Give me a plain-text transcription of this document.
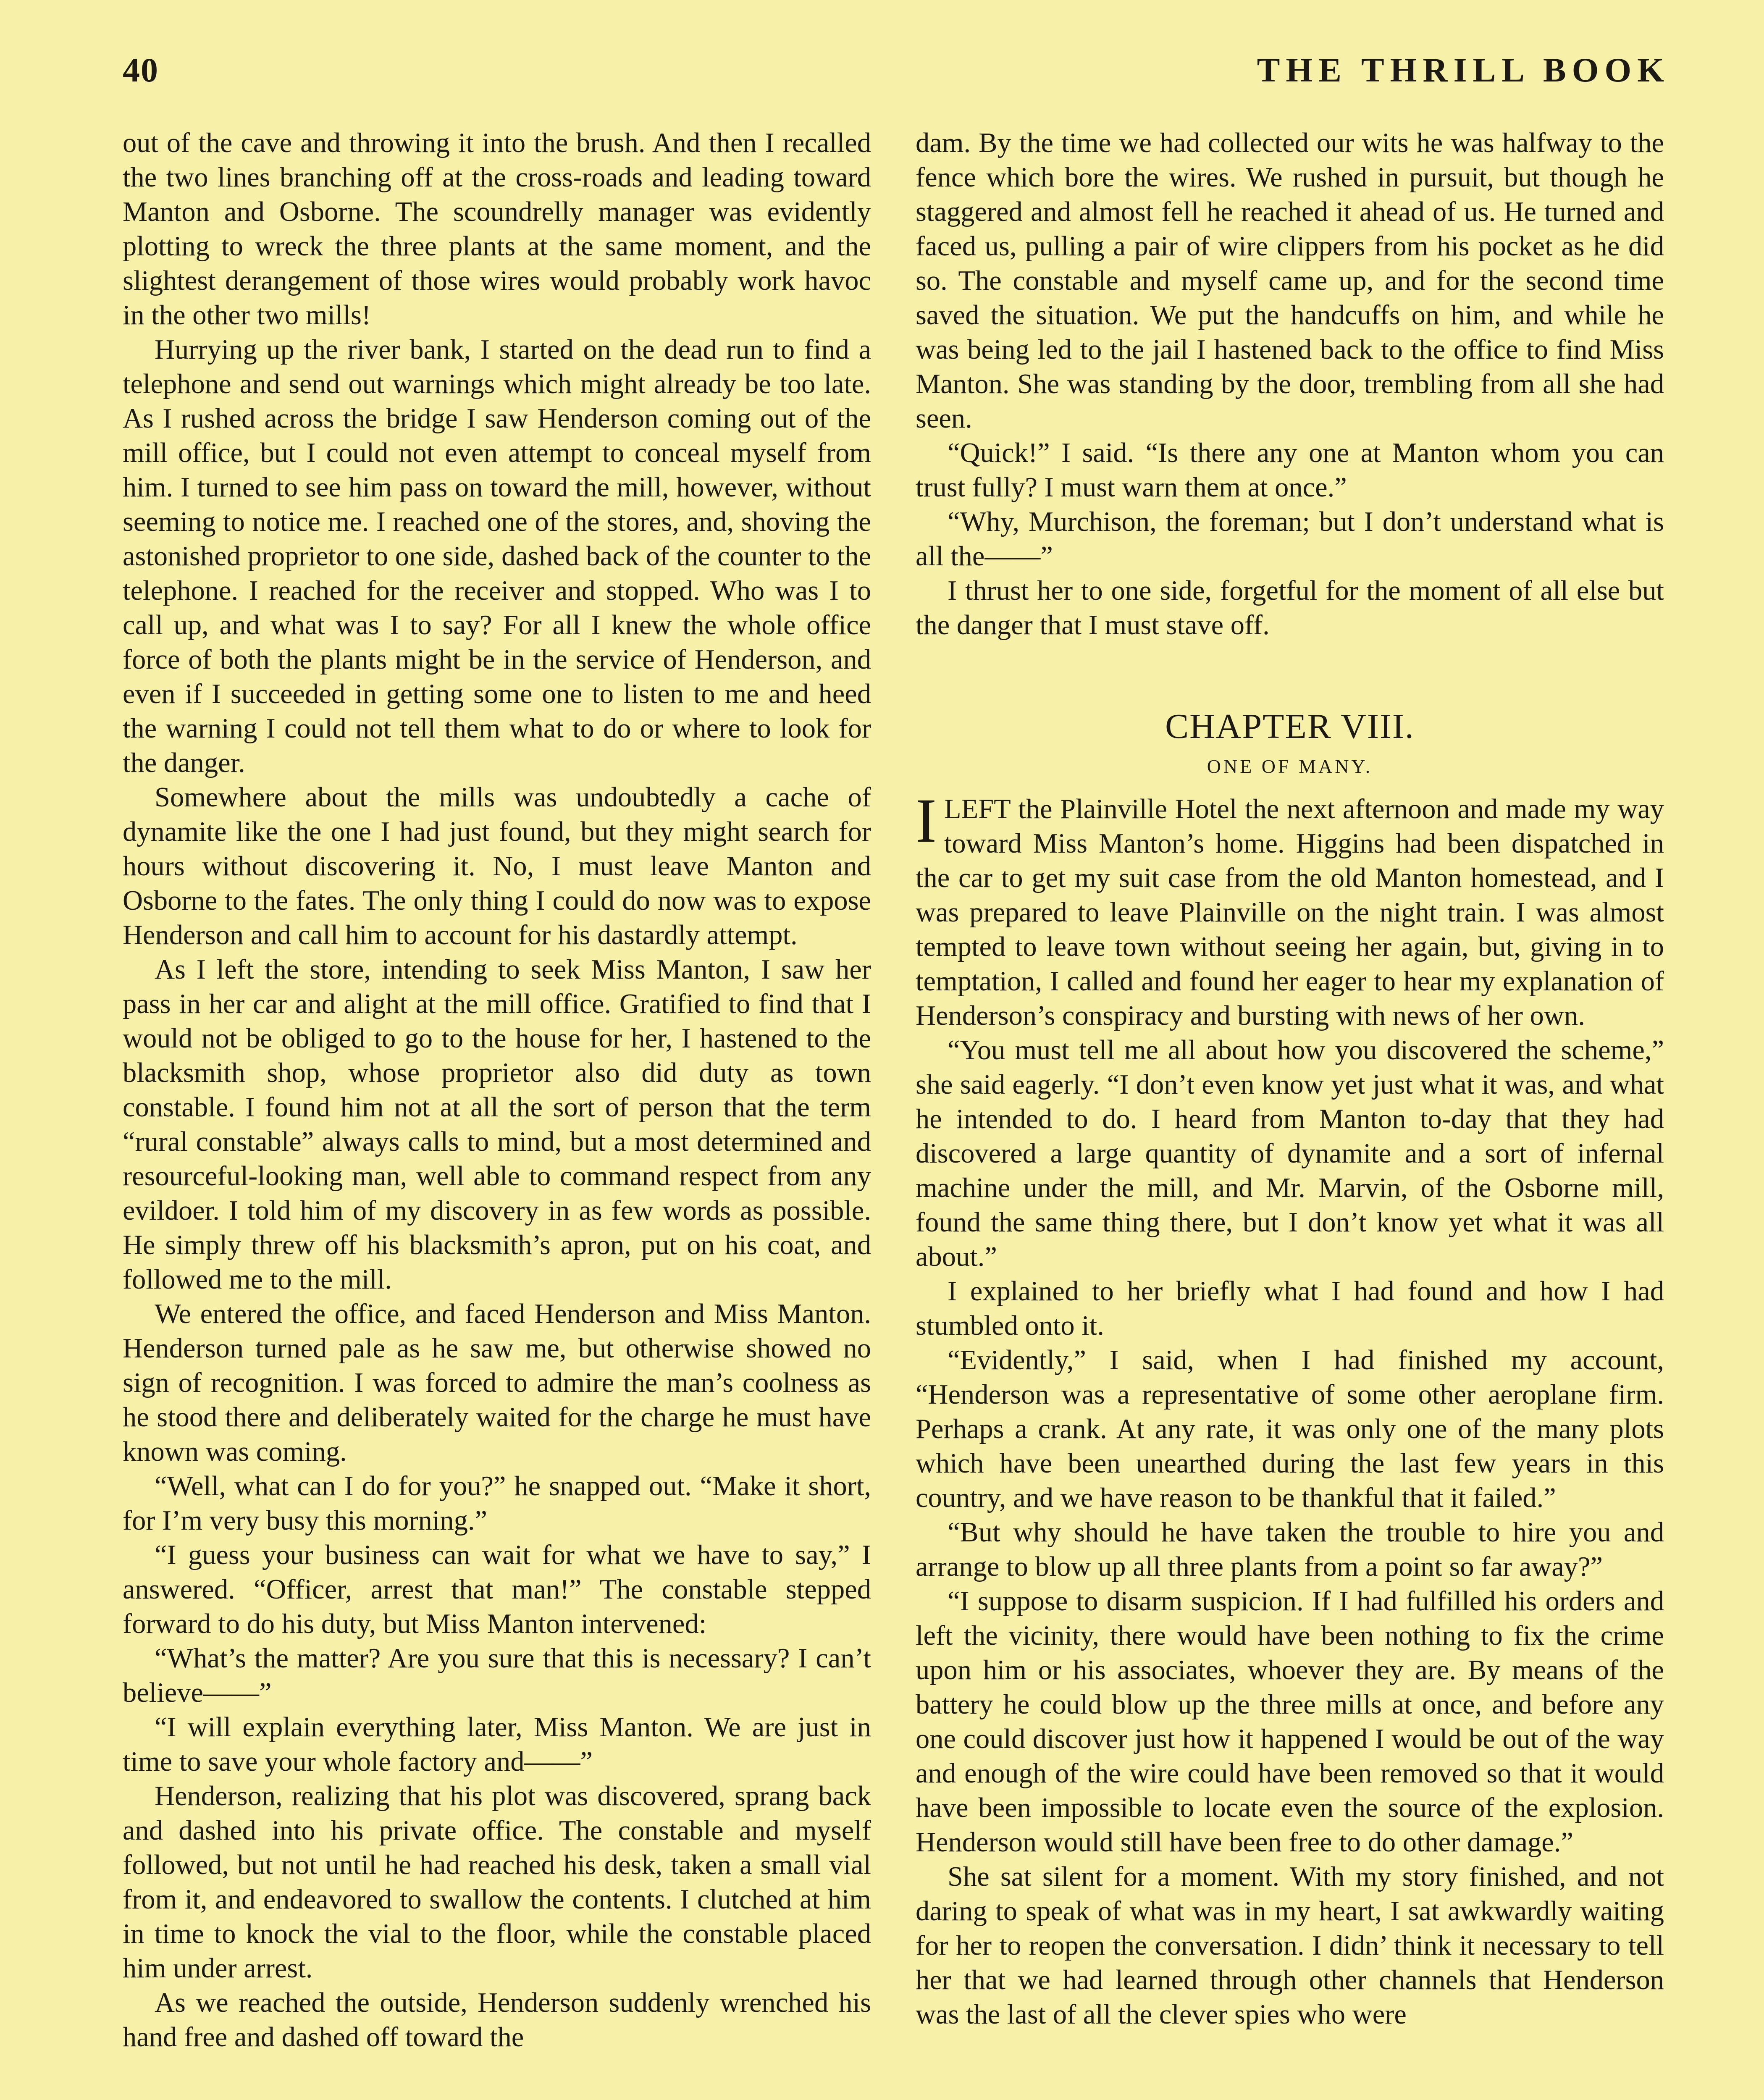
40	THE THRILL BOOK

out of the cave and throwing it into the brush. And then I recalled the two lines branching off at the cross-roads and leading toward Manton and Osborne. The scoundrelly manager was evidently plotting to wreck the three plants at the same moment, and the slightest derangement of those wires would probably work havoc in the other two mills!

Hurrying up the river bank, I started on the dead run to find a telephone and send out warnings which might already be too late. As I rushed across the bridge I saw Henderson coming out of the mill office, but I could not even attempt to conceal myself from him. I turned to see him pass on toward the mill, however, without seeming to notice me. I reached one of the stores, and, shoving the astonished proprietor to one side, dashed back of the counter to the telephone. I reached for the receiver and stopped. Who was I to call up, and what was I to say? For all I knew the whole office force of both the plants might be in the service of Henderson, and even if I succeeded in getting some one to listen to me and heed the warning I could not tell them what to do or where to look for the danger.

Somewhere about the mills was undoubtedly a cache of dynamite like the one I had just found, but they might search for hours without discovering it. No, I must leave Manton and Osborne to the fates. The only thing I could do now was to expose Henderson and call him to account for his dastardly attempt.

As I left the store, intending to seek Miss Manton, I saw her pass in her car and alight at the mill office. Gratified to find that I would not be obliged to go to the house for her, I hastened to the blacksmith shop, whose proprietor also did duty as town constable. I found him not at all the sort of person that the term “rural constable” always calls to mind, but a most determined and resourceful-looking man, well able to command respect from any evildoer. I told him of my discovery in as few words as possible. He simply threw off his blacksmith’s apron, put on his coat, and followed me to the mill.

We entered the office, and faced Henderson and Miss Manton. Henderson turned pale as he saw me, but otherwise showed no sign of recognition. I was forced to admire the man’s coolness as he stood there and deliberately waited for the charge he must have known was coming.

“Well, what can I do for you?” he snapped out. “Make it short, for I’m very busy this morning.”

“I guess your business can wait for what we have to say,” I answered. “Officer, arrest that man!” The constable stepped forward to do his duty, but Miss Manton intervened:

“What’s the matter? Are you sure that this is necessary? I can’t believe——”

“I will explain everything later, Miss Manton. We are just in time to save your whole factory and——”

Henderson, realizing that his plot was discovered, sprang back and dashed into his private office. The constable and myself followed, but not until he had reached his desk, taken a small vial from it, and endeavored to swallow the contents. I clutched at him in time to knock the vial to the floor, while the constable placed him under arrest.

As we reached the outside, Henderson suddenly wrenched his hand free and dashed off toward the

dam. By the time we had collected our wits he was halfway to the fence which bore the wires. We rushed in pursuit, but though he staggered and almost fell he reached it ahead of us. He turned and faced us, pulling a pair of wire clippers from his pocket as he did so. The constable and myself came up, and for the second time saved the situation. We put the handcuffs on him, and while he was being led to the jail I hastened back to the office to find Miss Manton. She was standing by the door, trembling from all she had seen.

“Quick!” I said. “Is there any one at Manton whom you can trust fully? I must warn them at once.”

“Why, Murchison, the foreman; but I don’t understand what is all the——”

I thrust her to one side, forgetful for the moment of all else but the danger that I must stave off.

CHAPTER VIII.
ONE OF MANY.

ILEFT the Plainville Hotel the next afternoon and made my way toward Miss Manton’s home. Higgins had been dispatched in the car to get my suit case from the old Manton homestead, and I was prepared to leave Plainville on the night train. I was almost tempted to leave town without seeing her again, but, giving in to temptation, I called and found her eager to hear my explanation of Henderson’s conspiracy and bursting with news of her own.

“You must tell me all about how you discovered the scheme,” she said eagerly. “I don’t even know yet just what it was, and what he intended to do. I heard from Manton to-day that they had discovered a large quantity of dynamite and a sort of infernal machine under the mill, and Mr. Marvin, of the Osborne mill, found the same thing there, but I don’t know yet what it was all about.”

I explained to her briefly what I had found and how I had stumbled onto it.

“Evidently,” I said, when I had finished my account, “Henderson was a representative of some other aeroplane firm. Perhaps a crank. At any rate, it was only one of the many plots which have been unearthed during the last few years in this country, and we have reason to be thankful that it failed.”

“But why should he have taken the trouble to hire you and arrange to blow up all three plants from a point so far away?”

“I suppose to disarm suspicion. If I had fulfilled his orders and left the vicinity, there would have been nothing to fix the crime upon him or his associates, whoever they are. By means of the battery he could blow up the three mills at once, and before any one could discover just how it happened I would be out of the way and enough of the wire could have been removed so that it would have been impossible to locate even the source of the explosion. Henderson would still have been free to do other damage.”

She sat silent for a moment. With my story finished, and not daring to speak of what was in my heart, I sat awkwardly waiting for her to reopen the conversation. I didn’ think it necessary to tell her that we had learned through other channels that Henderson was the last of all the clever spies who were
